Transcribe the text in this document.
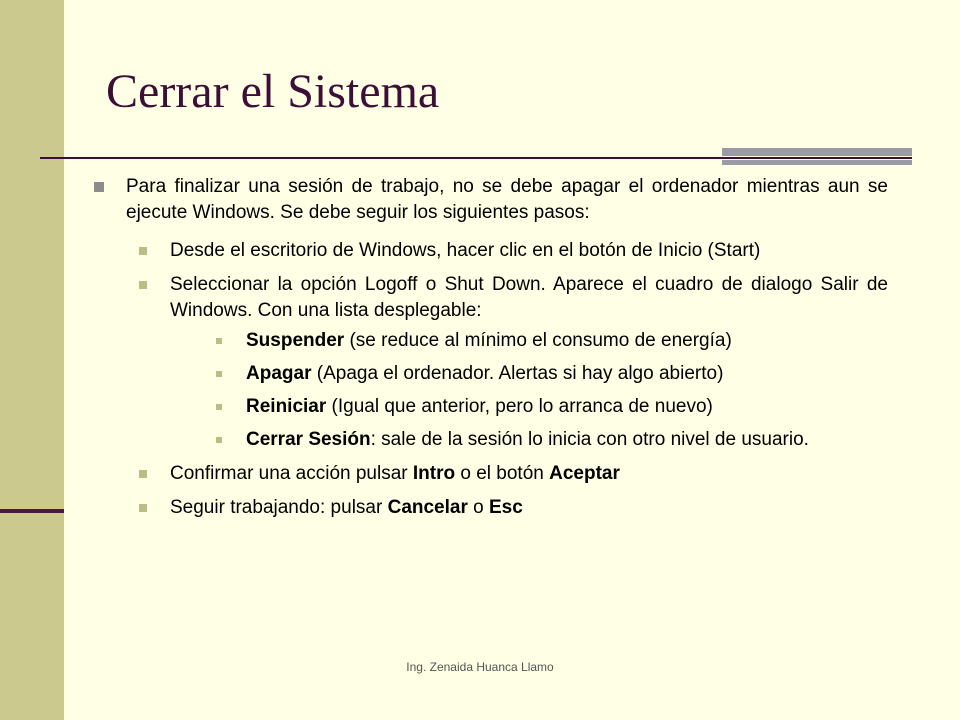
Cerrar el Sistema
Para finalizar una sesión de trabajo, no se debe apagar el ordenador mientras aun se ejecute Windows. Se debe seguir los siguientes pasos:
Desde el escritorio de Windows, hacer clic en el botón de Inicio (Start)
Seleccionar la opción Logoff o Shut Down. Aparece el cuadro de dialogo Salir de Windows. Con una lista desplegable:
Suspender (se reduce al mínimo el consumo de energía)
Apagar (Apaga el ordenador. Alertas si hay algo abierto)
Reiniciar (Igual que anterior, pero lo arranca de nuevo)
Cerrar Sesión: sale de la sesión lo inicia con otro nivel de usuario.
Confirmar una acción pulsar Intro o el botón Aceptar
Seguir trabajando: pulsar Cancelar o Esc
Ing. Zenaida Huanca Llamo
